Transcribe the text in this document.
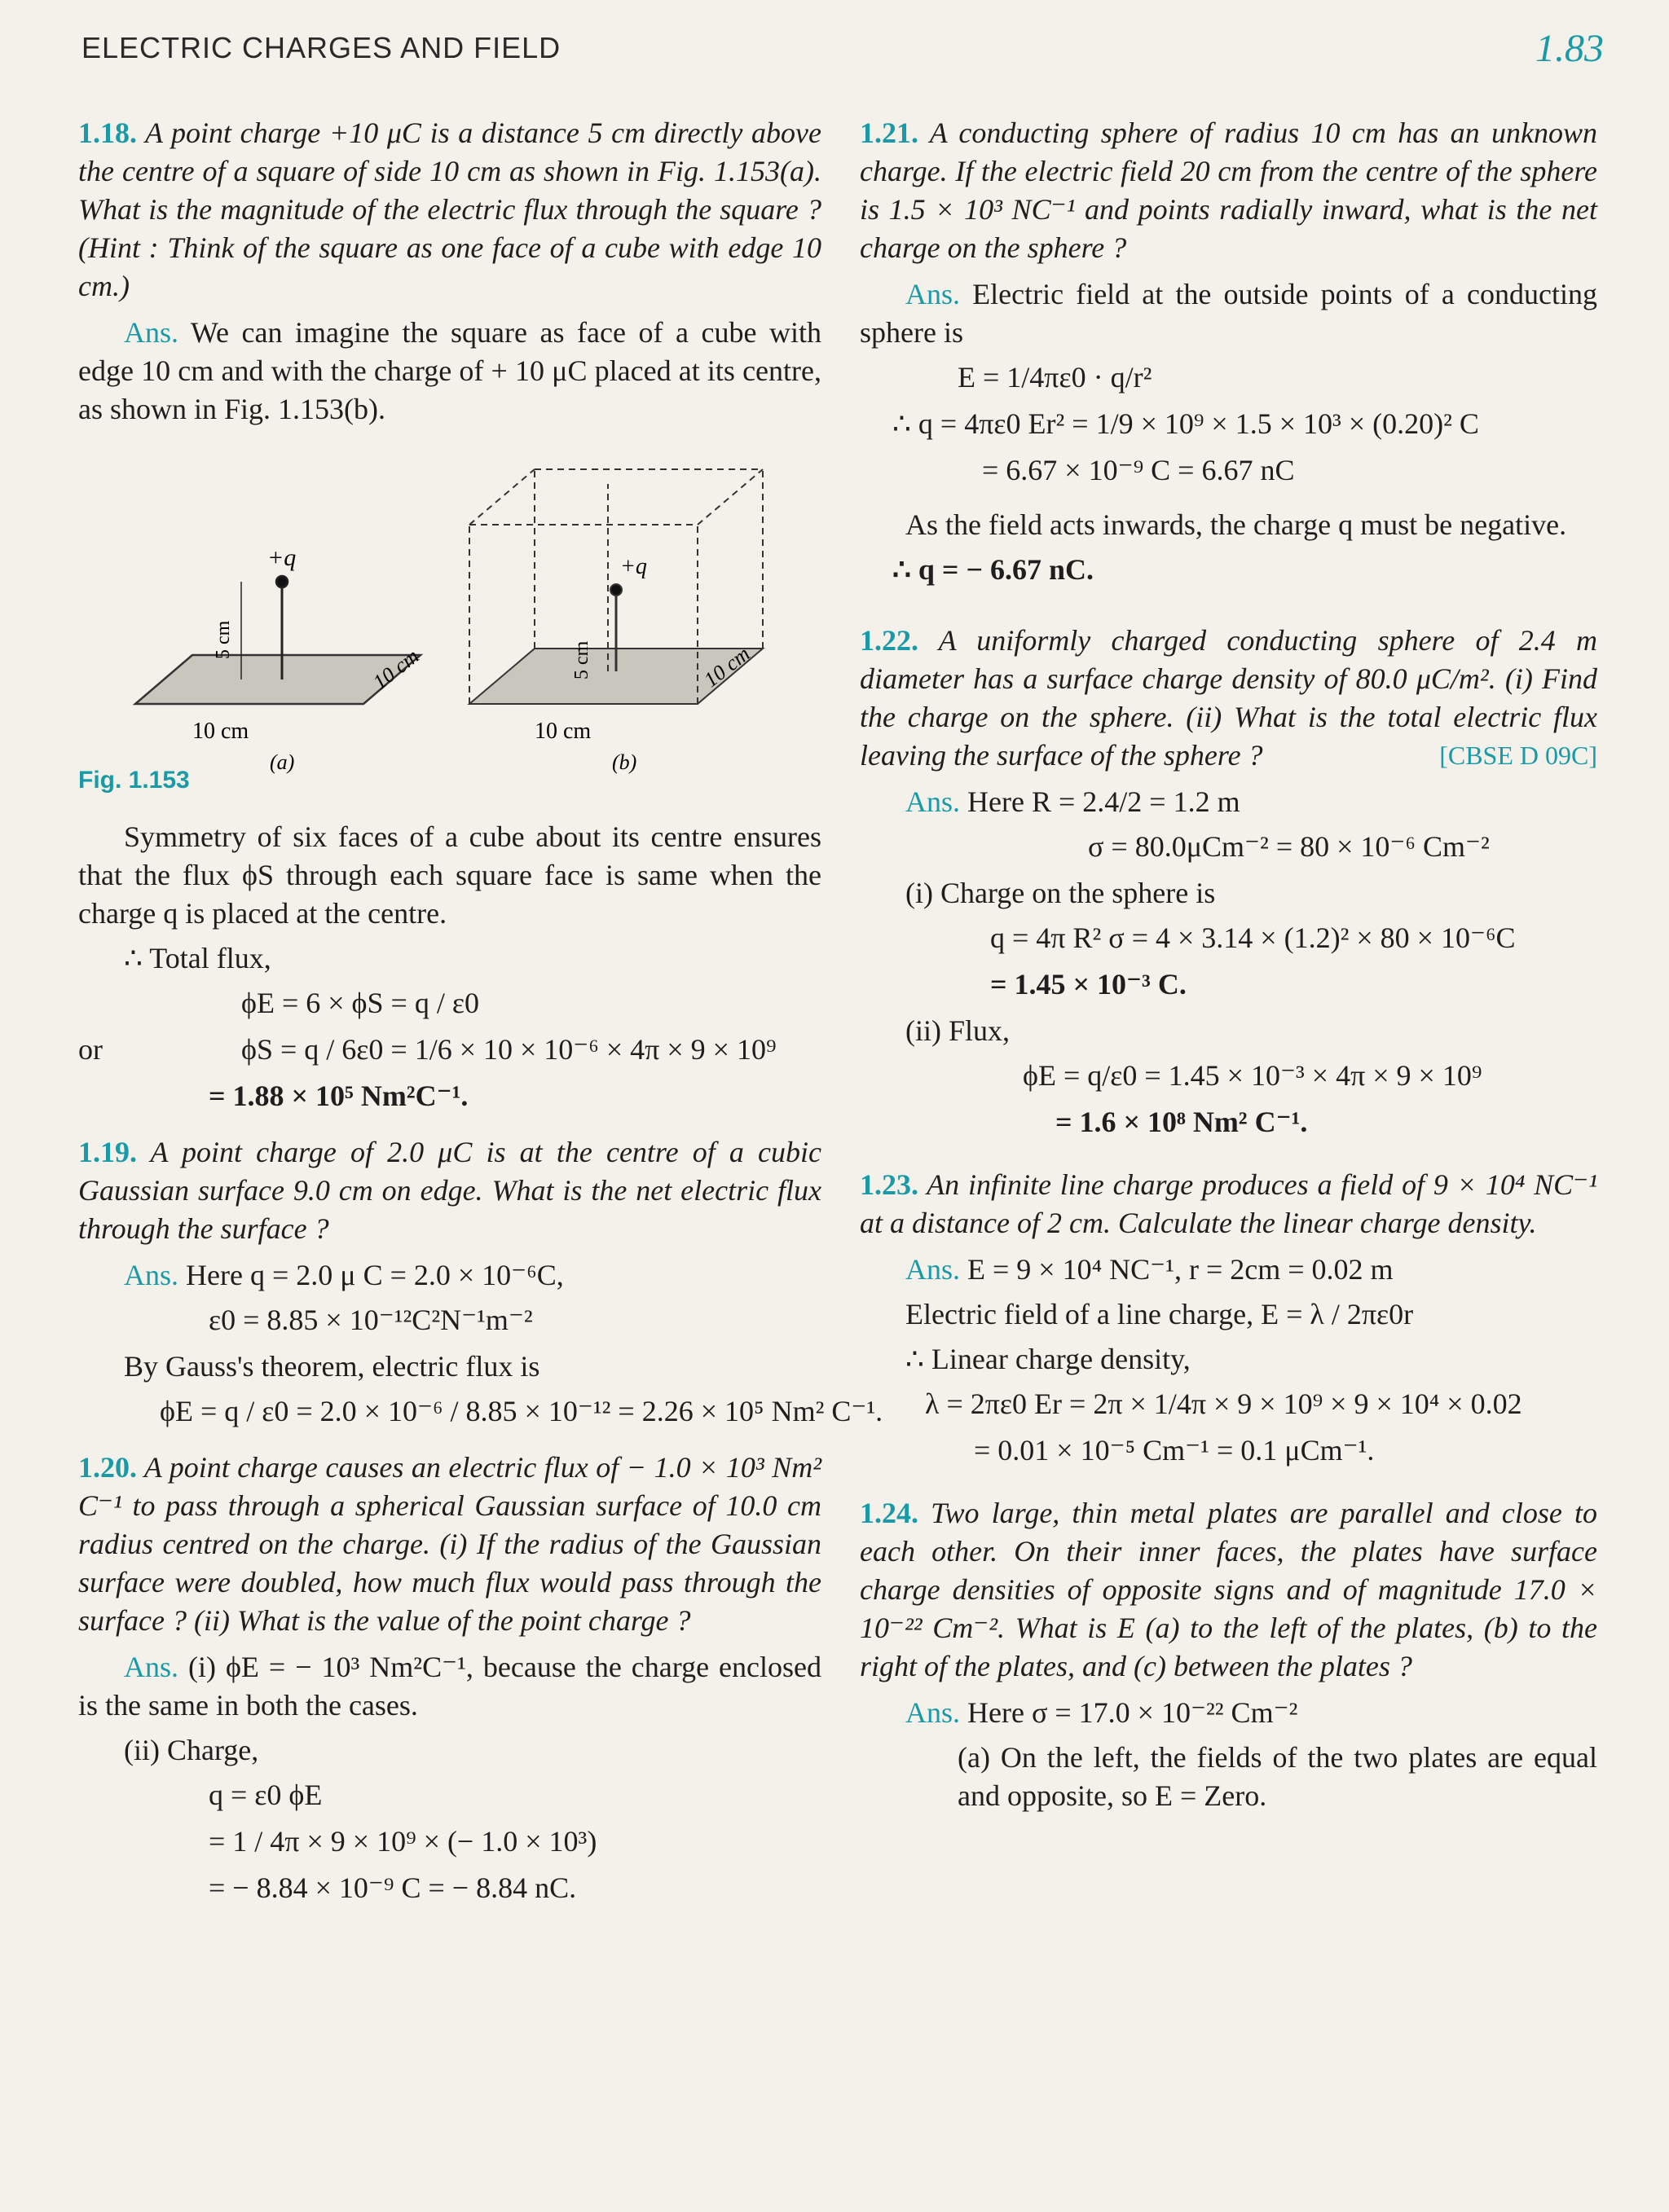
ELECTRIC CHARGES AND FIELD	1.83

1.18. A point charge +10 μC is a distance 5 cm directly above the centre of a square of side 10 cm as shown in Fig. 1.153(a). What is the magnitude of the electric flux through the square ? (Hint : Think of the square as one face of a cube with edge 10 cm.)

Ans. We can imagine the square as face of a cube with edge 10 cm and with the charge of + 10 μC placed at its centre, as shown in Fig. 1.153(b).

+q
5 cm
10 cm
10 cm
(a)
+q
5 cm	10 cm
10 cm
(b)
Fig. 1.153

Symmetry of six faces of a cube about its centre ensures that the flux ϕS through each square face is same when the charge q is placed at the centre.

∴ Total flux,

ϕE = 6 × ϕS = q / ε0
or	ϕS = q / 6ε0 = 1/6 × 10 × 10⁻⁶ × 4π × 9 × 10⁹
= 1.88 × 10⁵ Nm²C⁻¹.

1.19. A point charge of 2.0 μC is at the centre of a cubic Gaussian surface 9.0 cm on edge. What is the net electric flux through the surface ?

Ans. Here q = 2.0 μ C = 2.0 × 10⁻⁶C,

ε0 = 8.85 × 10⁻¹²C²N⁻¹m⁻²

By Gauss's theorem, electric flux is

ϕE = q / ε0 = 2.0 × 10⁻⁶ / 8.85 × 10⁻¹² = 2.26 × 10⁵ Nm² C⁻¹.

1.20. A point charge causes an electric flux of − 1.0 × 10³ Nm² C⁻¹ to pass through a spherical Gaussian surface of 10.0 cm radius centred on the charge. (i) If the radius of the Gaussian surface were doubled, how much flux would pass through the surface ? (ii) What is the value of the point charge ?

Ans. (i) ϕE = − 10³ Nm²C⁻¹, because the charge enclosed is the same in both the cases.

(ii) Charge,

q = ε0 ϕE
= 1 / 4π × 9 × 10⁹ × (− 1.0 × 10³)
= − 8.84 × 10⁻⁹ C = − 8.84 nC.

1.21. A conducting sphere of radius 10 cm has an unknown charge. If the electric field 20 cm from the centre of the sphere is 1.5 × 10³ NC⁻¹ and points radially inward, what is the net charge on the sphere ?

Ans. Electric field at the outside points of a conducting sphere is

E = 1/4πε0 · q/r²
∴ q = 4πε0 Er² = 1/9 × 10⁹ × 1.5 × 10³ × (0.20)² C
= 6.67 × 10⁻⁹ C = 6.67 nC

As the field acts inwards, the charge q must be negative.

∴ q = − 6.67 nC.

1.22. A uniformly charged conducting sphere of 2.4 m diameter has a surface charge density of 80.0 μC/m². (i) Find the charge on the sphere. (ii) What is the total electric flux leaving the surface of the sphere ?	[CBSE D 09C]

Ans. Here R = 2.4/2 = 1.2 m

σ = 80.0μCm⁻² = 80 × 10⁻⁶ Cm⁻²

(i) Charge on the sphere is

q = 4π R² σ = 4 × 3.14 × (1.2)² × 80 × 10⁻⁶C
= 1.45 × 10⁻³ C.

(ii) Flux,

ϕE = q/ε0 = 1.45 × 10⁻³ × 4π × 9 × 10⁹
= 1.6 × 10⁸ Nm² C⁻¹.

1.23. An infinite line charge produces a field of 9 × 10⁴ NC⁻¹ at a distance of 2 cm. Calculate the linear charge density.

Ans. E = 9 × 10⁴ NC⁻¹, r = 2cm = 0.02 m

Electric field of a line charge, E = λ / 2πε0r

∴ Linear charge density,

λ = 2πε0 Er = 2π × 1/4π × 9 × 10⁹ × 9 × 10⁴ × 0.02
= 0.01 × 10⁻⁵ Cm⁻¹ = 0.1 μCm⁻¹.

1.24. Two large, thin metal plates are parallel and close to each other. On their inner faces, the plates have surface charge densities of opposite signs and of magnitude 17.0 × 10⁻²² Cm⁻². What is E (a) to the left of the plates, (b) to the right of the plates, and (c) between the plates ?

Ans. Here σ = 17.0 × 10⁻²² Cm⁻²

(a) On the left, the fields of the two plates are equal and opposite, so E = Zero.
